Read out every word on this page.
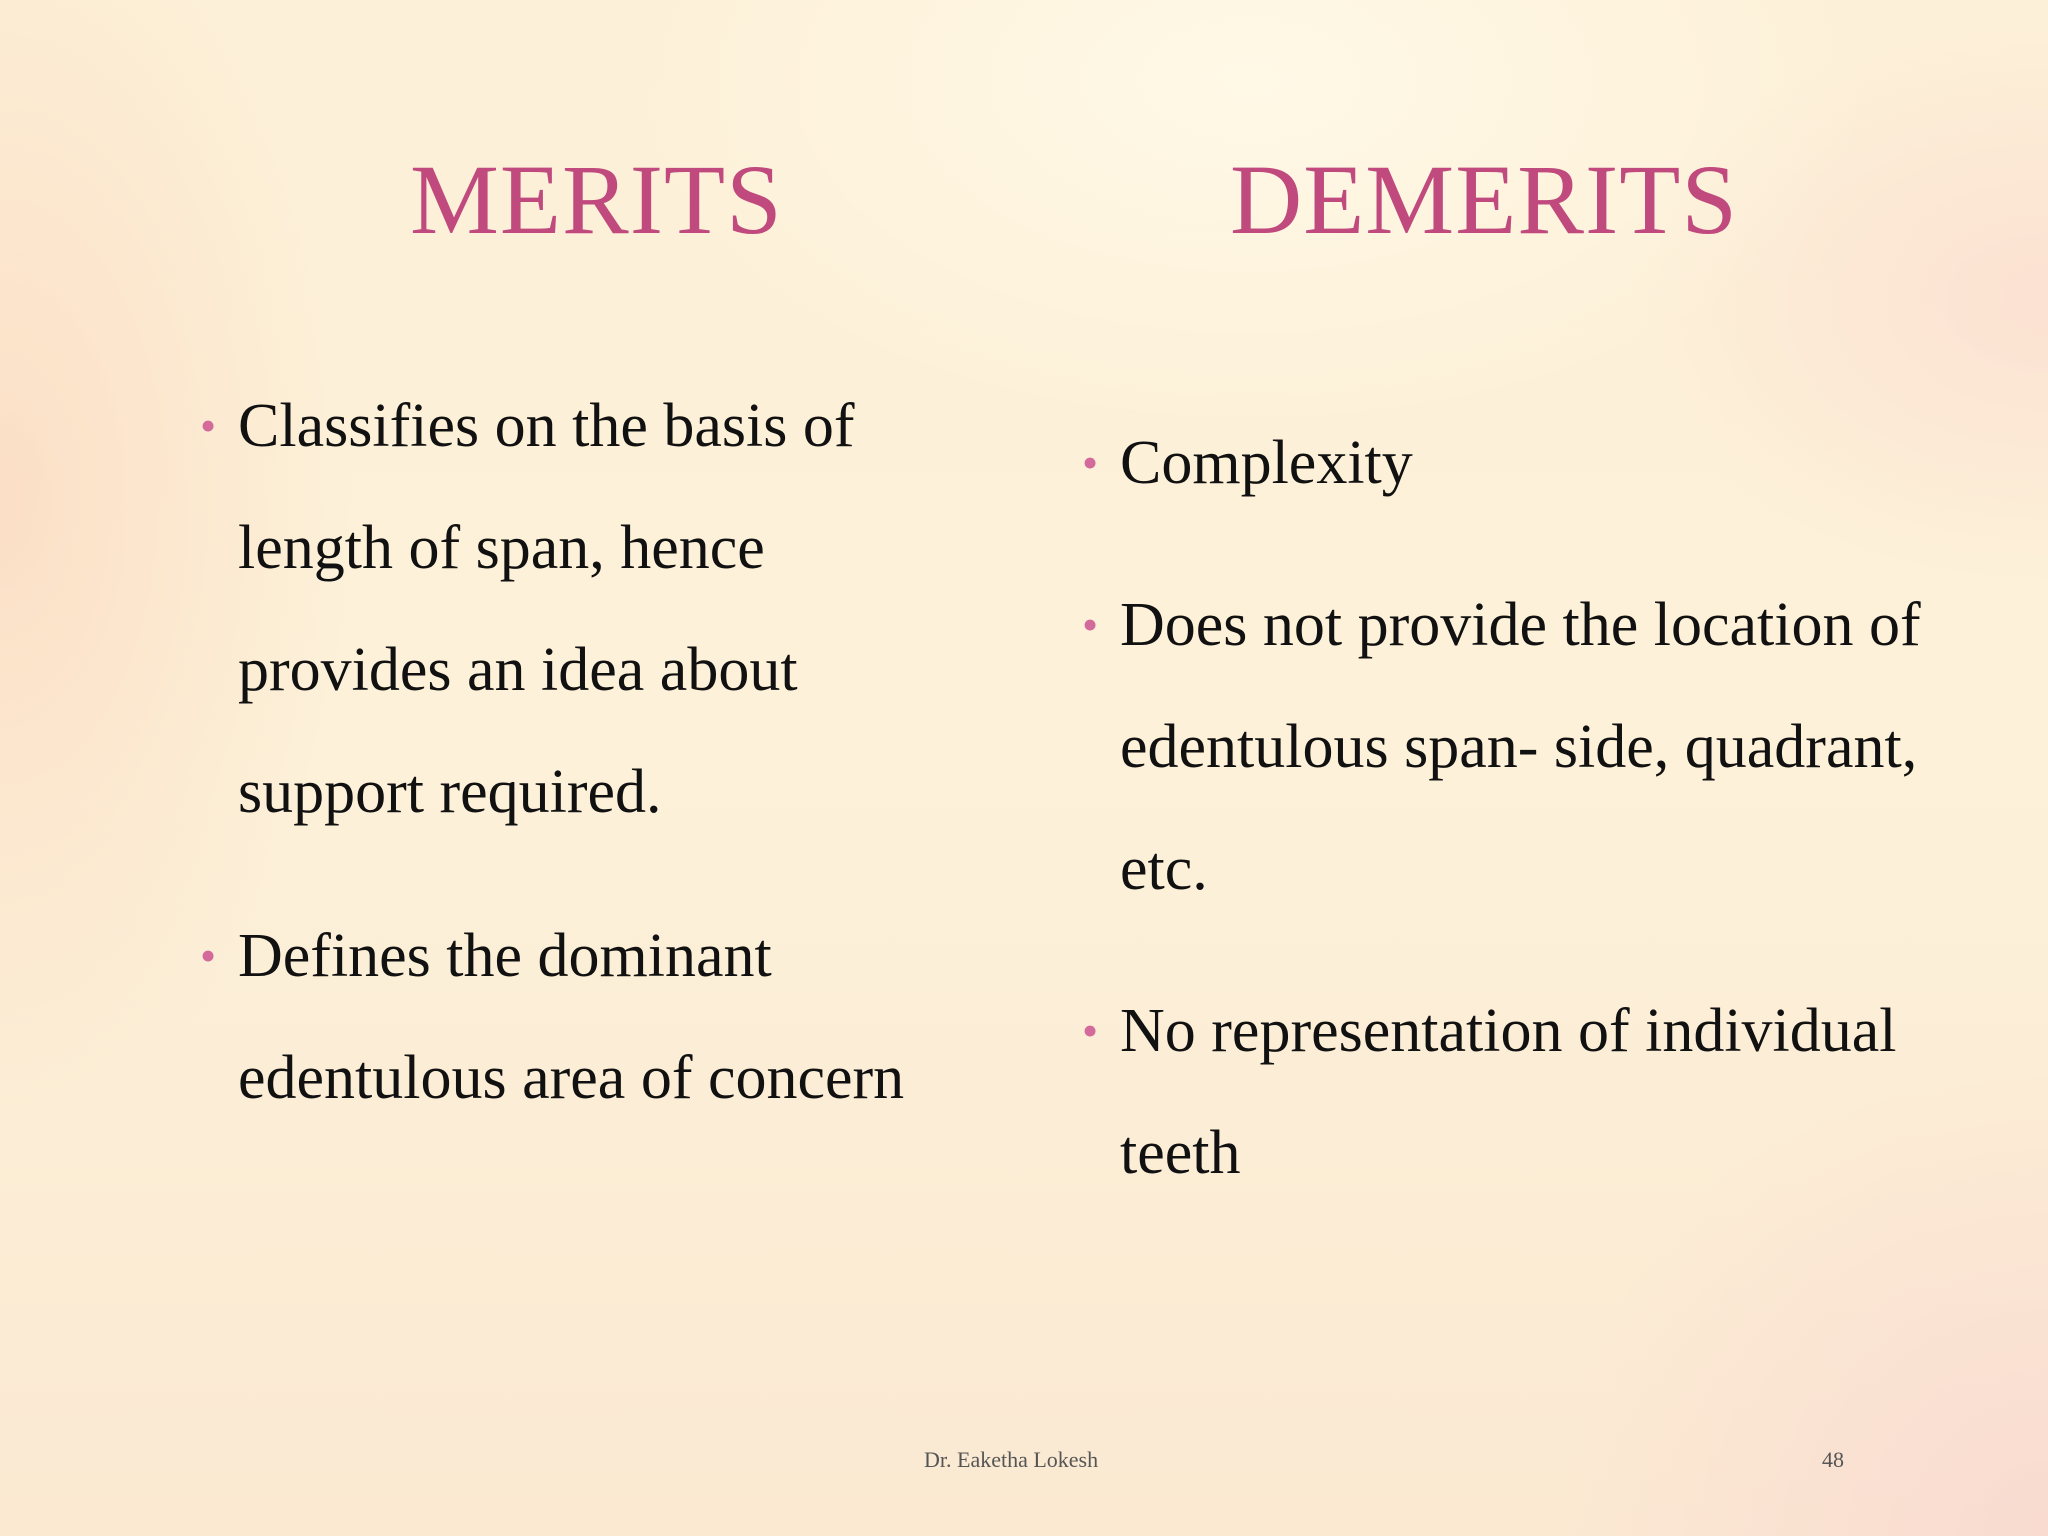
MERITS	DEMERITS
• Classifies on the basis of length of span, hence provides an idea about support required.
• Defines the dominant edentulous area of concern
• Complexity
• Does not provide the location of edentulous span- side, quadrant, etc.
• No representation of individual teeth
Dr. Eaketha Lokesh	48
